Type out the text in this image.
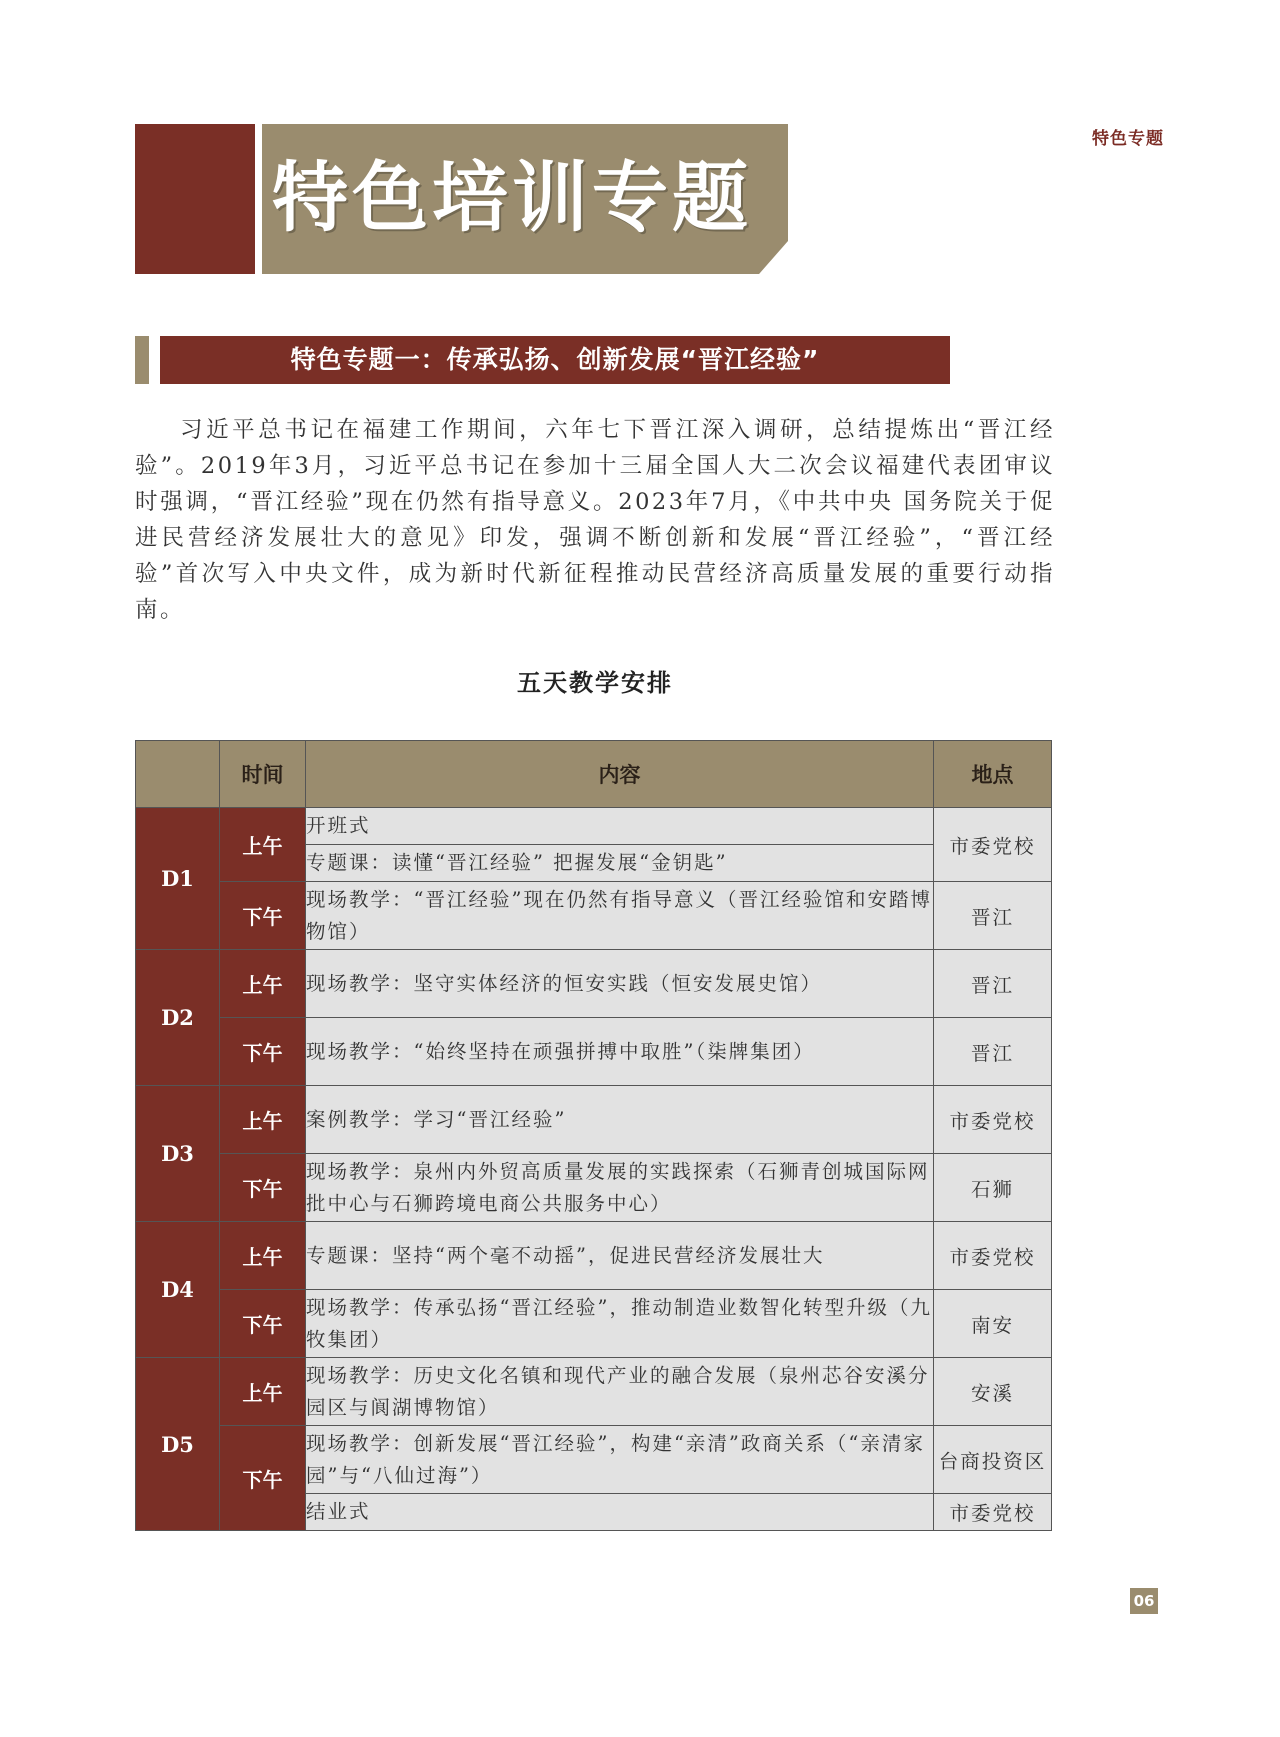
特色专题
特色培训专题
特色专题一：传承弘扬、创新发展“晋江经验”

习近平总书记在福建工作期间，六年七下晋江深入调研，总结提炼出“晋江经验”。2019年3月，习近平总书记在参加十三届全国人大二次会议福建代表团审议时强调，“晋江经验”现在仍然有指导意义。2023年7月，《中共中央 国务院关于促进民营经济发展壮大的意见》印发，强调不断创新和发展“晋江经验”，“晋江经验”首次写入中央文件，成为新时代新征程推动民营经济高质量发展的重要行动指南。

五天教学安排
	时间	内容	地点
D1	上午	开班式	市委党校
		专题课：读懂“晋江经验” 把握发展“金钥匙”	
	下午	现场教学：“晋江经验”现在仍然有指导意义（晋江经验馆和安踏博物馆）	晋江
D2	上午	现场教学：坚守实体经济的恒安实践（恒安发展史馆）	晋江
	下午	现场教学：“始终坚持在顽强拼搏中取胜”（柒牌集团）	晋江
D3	上午	案例教学：学习“晋江经验”	市委党校
	下午	现场教学：泉州内外贸高质量发展的实践探索（石狮青创城国际网批中心与石狮跨境电商公共服务中心）	石狮
D4	上午	专题课：坚持“两个毫不动摇”，促进民营经济发展壮大	市委党校
	下午	现场教学：传承弘扬“晋江经验”，推动制造业数智化转型升级（九牧集团）	南安
D5	上午	现场教学：历史文化名镇和现代产业的融合发展（泉州芯谷安溪分园区与阆湖博物馆）	安溪
	下午	现场教学：创新发展“晋江经验”，构建“亲清”政商关系（“亲清家园”与“八仙过海”）	台商投资区
		结业式	市委党校
06
